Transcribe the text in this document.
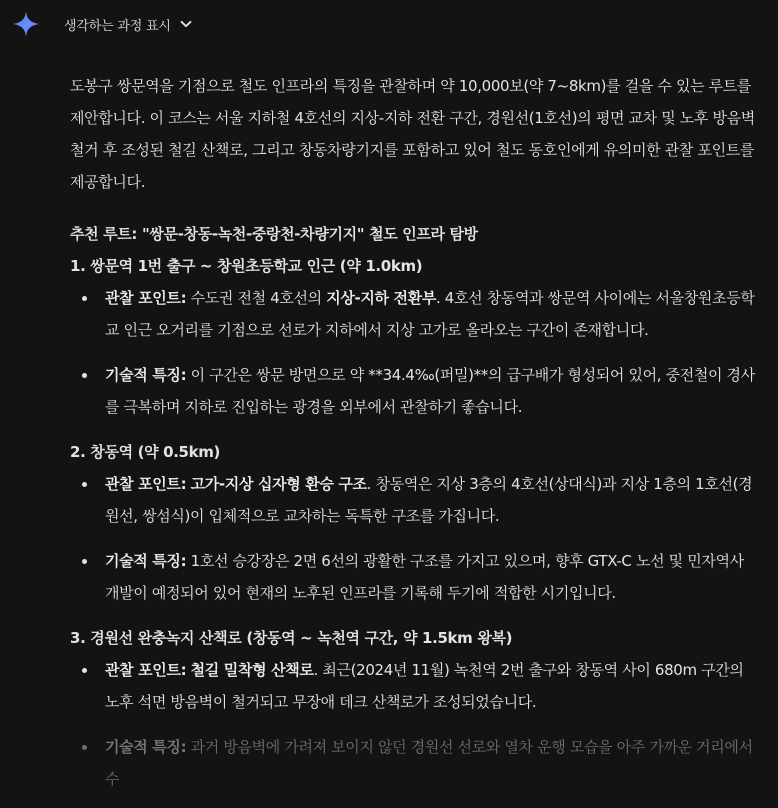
생각하는 과정 표시

도봉구 쌍문역을 기점으로 철도 인프라의 특징을 관찰하며 약 10,000보(약 7~8km)를 걸을 수 있는 루트를 제안합니다. 이 코스는 서울 지하철 4호선의 지상-지하 전환 구간, 경원선(1호선)의 평면 교차 및 노후 방음벽 철거 후 조성된 철길 산책로, 그리고 창동차량기지를 포함하고 있어 철도 동호인에게 유의미한 관찰 포인트를 제공합니다.

추천 루트: "쌍문-창동-녹천-중랑천-차량기지" 철도 인프라 탐방

1. 쌍문역 1번 출구 ~ 창원초등학교 인근 (약 1.0km)

관찰 포인트: 수도권 전철 4호선의 지상-지하 전환부. 4호선 창동역과 쌍문역 사이에는 서울창원초등학교 인근 오거리를 기점으로 선로가 지하에서 지상 고가로 올라오는 구간이 존재합니다.
기술적 특징: 이 구간은 쌍문 방면으로 약 **34.4‰(퍼밀)**의 급구배가 형성되어 있어, 중전철이 경사를 극복하며 지하로 진입하는 광경을 외부에서 관찰하기 좋습니다.

2. 창동역 (약 0.5km)

관찰 포인트: 고가-지상 십자형 환승 구조. 창동역은 지상 3층의 4호선(상대식)과 지상 1층의 1호선(경원선, 쌍섬식)이 입체적으로 교차하는 독특한 구조를 가집니다.
기술적 특징: 1호선 승강장은 2면 6선의 광활한 구조를 가지고 있으며, 향후 GTX-C 노선 및 민자역사 개발이 예정되어 있어 현재의 노후된 인프라를 기록해 두기에 적합한 시기입니다.

3. 경원선 완충녹지 산책로 (창동역 ~ 녹천역 구간, 약 1.5km 왕복)

관찰 포인트: 철길 밀착형 산책로. 최근(2024년 11월) 녹천역 2번 출구와 창동역 사이 680m 구간의 노후 석면 방음벽이 철거되고 무장애 데크 산책로가 조성되었습니다.
기술적 특징: 과거 방음벽에 가려져 보이지 않던 경원선 선로와 열차 운행 모습을 아주 가까운 거리에서 수
